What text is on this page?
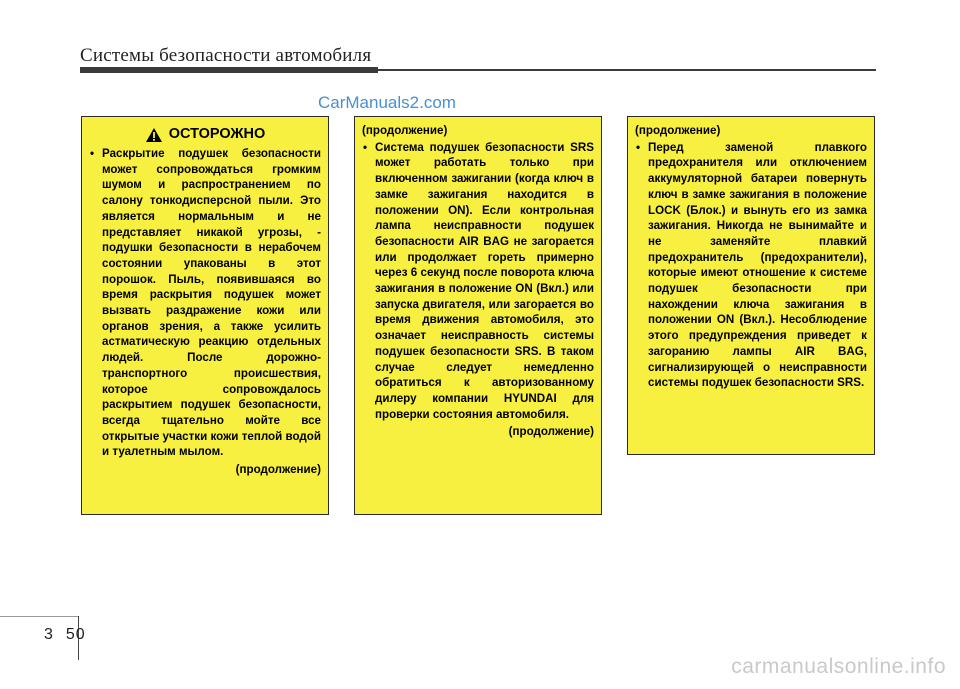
Системы безопасности автомобиля
CarManuals2.com
ОСТОРОЖНО
• Раскрытие подушек безопасности может сопровождаться громким шумом и распространением по салону тонкодисперсной пыли. Это является нормальным и не представляет никакой угрозы, - подушки безопасности в нерабочем состоянии упакованы в этот порошок. Пыль, появившаяся во время раскрытия подушек может вызвать раздражение кожи или органов зрения, а также усилить астматическую реакцию отдельных людей. После дорожно-транспортного происшествия, которое сопровождалось раскрытием подушек безопасности, всегда тщательно мойте все открытые участки кожи теплой водой и туалетным мылом.
(продолжение)
(продолжение)
• Система подушек безопасности SRS может работать только при включенном зажигании (когда ключ в замке зажигания находится в положении ON). Если контрольная лампа неисправности подушек безопасности AIR BAG не загорается или продолжает гореть примерно через 6 секунд после поворота ключа зажигания в положение ON (Вкл.) или запуска двигателя, или загорается во время движения автомобиля, это означает неисправность системы подушек безопасности SRS. В таком случае следует немедленно обратиться к авторизованному дилеру компании HYUNDAI для проверки состояния автомобиля.
(продолжение)
(продолжение)
• Перед заменой плавкого предохранителя или отключением аккумуляторной батареи повернуть ключ в замке зажигания в положение LOCK (Блок.) и вынуть его из замка зажигания. Никогда не вынимайте и не заменяйте плавкий предохранитель (предохранители), которые имеют отношение к системе подушек безопасности при нахождении ключа зажигания в положении ON (Вкл.). Несоблюдение этого предупреждения приведет к загоранию лампы AIR BAG, сигнализирующей о неисправности системы подушек безопасности SRS.
3 50
carmanualsonline.info
